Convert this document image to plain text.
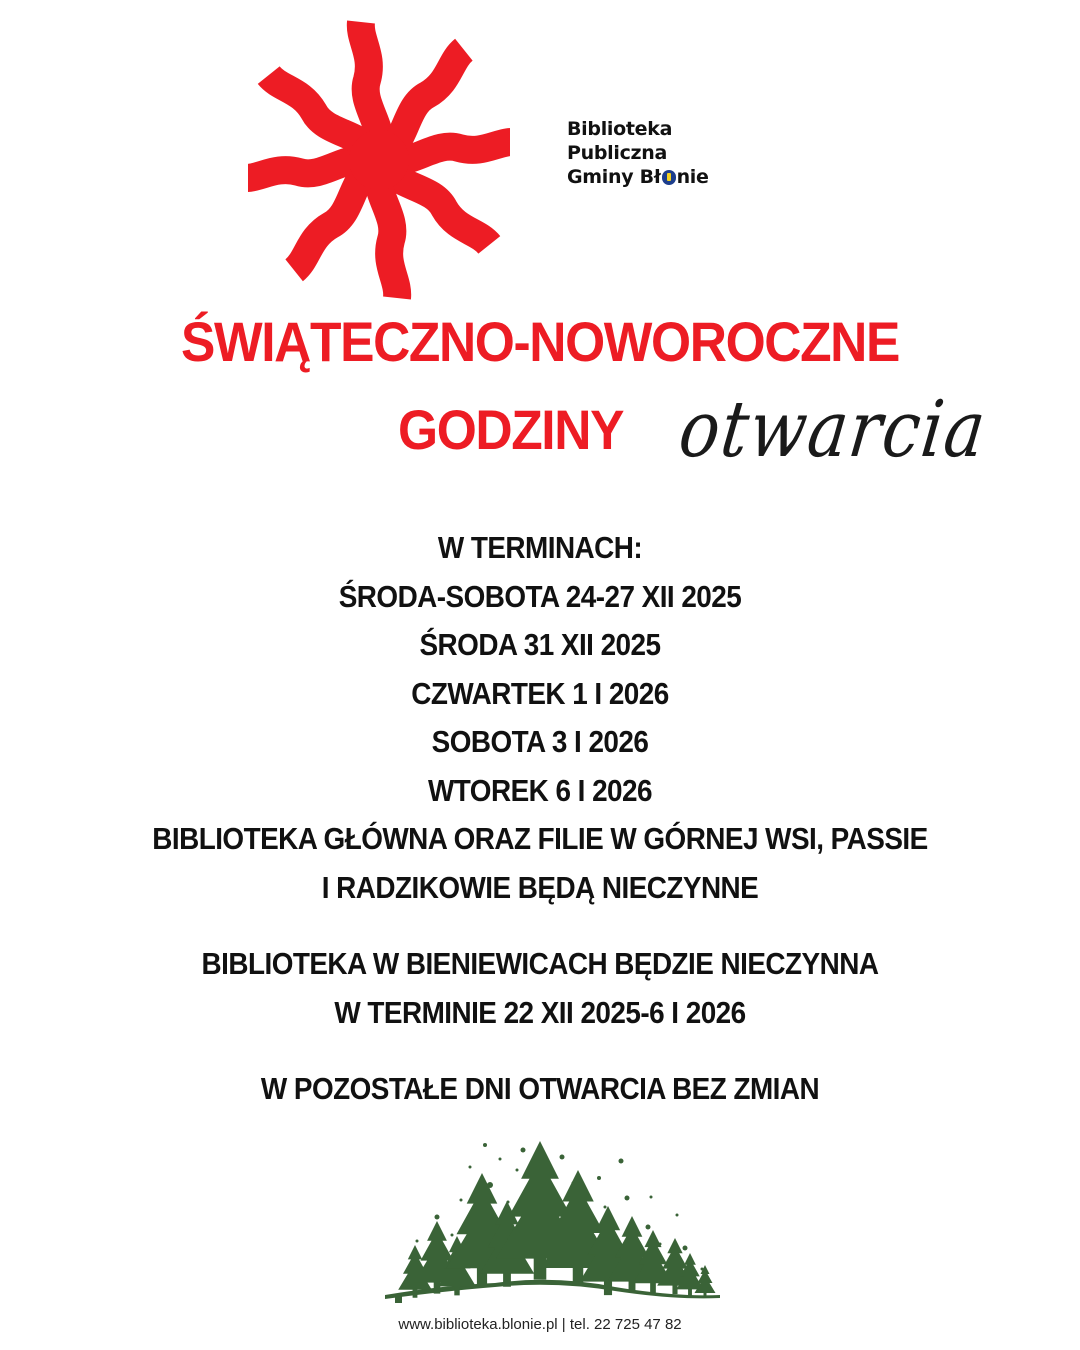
Biblioteka
Publiczna
Gminy Bł nie
ŚWIĄTECZNO-NOWOROCZNE
GODZINY otwarcia
W TERMINACH:
ŚRODA-SOBOTA 24-27 XII 2025
ŚRODA 31 XII 2025
CZWARTEK 1 I 2026
SOBOTA 3 I 2026
WTOREK 6 I 2026
BIBLIOTEKA GŁÓWNA ORAZ FILIE W GÓRNEJ WSI, PASSIE
I RADZIKOWIE BĘDĄ NIECZYNNE
BIBLIOTEKA W BIENIEWICACH BĘDZIE NIECZYNNA
W TERMINIE 22 XII 2025-6 I 2026
W POZOSTAŁE DNI OTWARCIA BEZ ZMIAN
www.biblioteka.blonie.pl | tel. 22 725 47 82
